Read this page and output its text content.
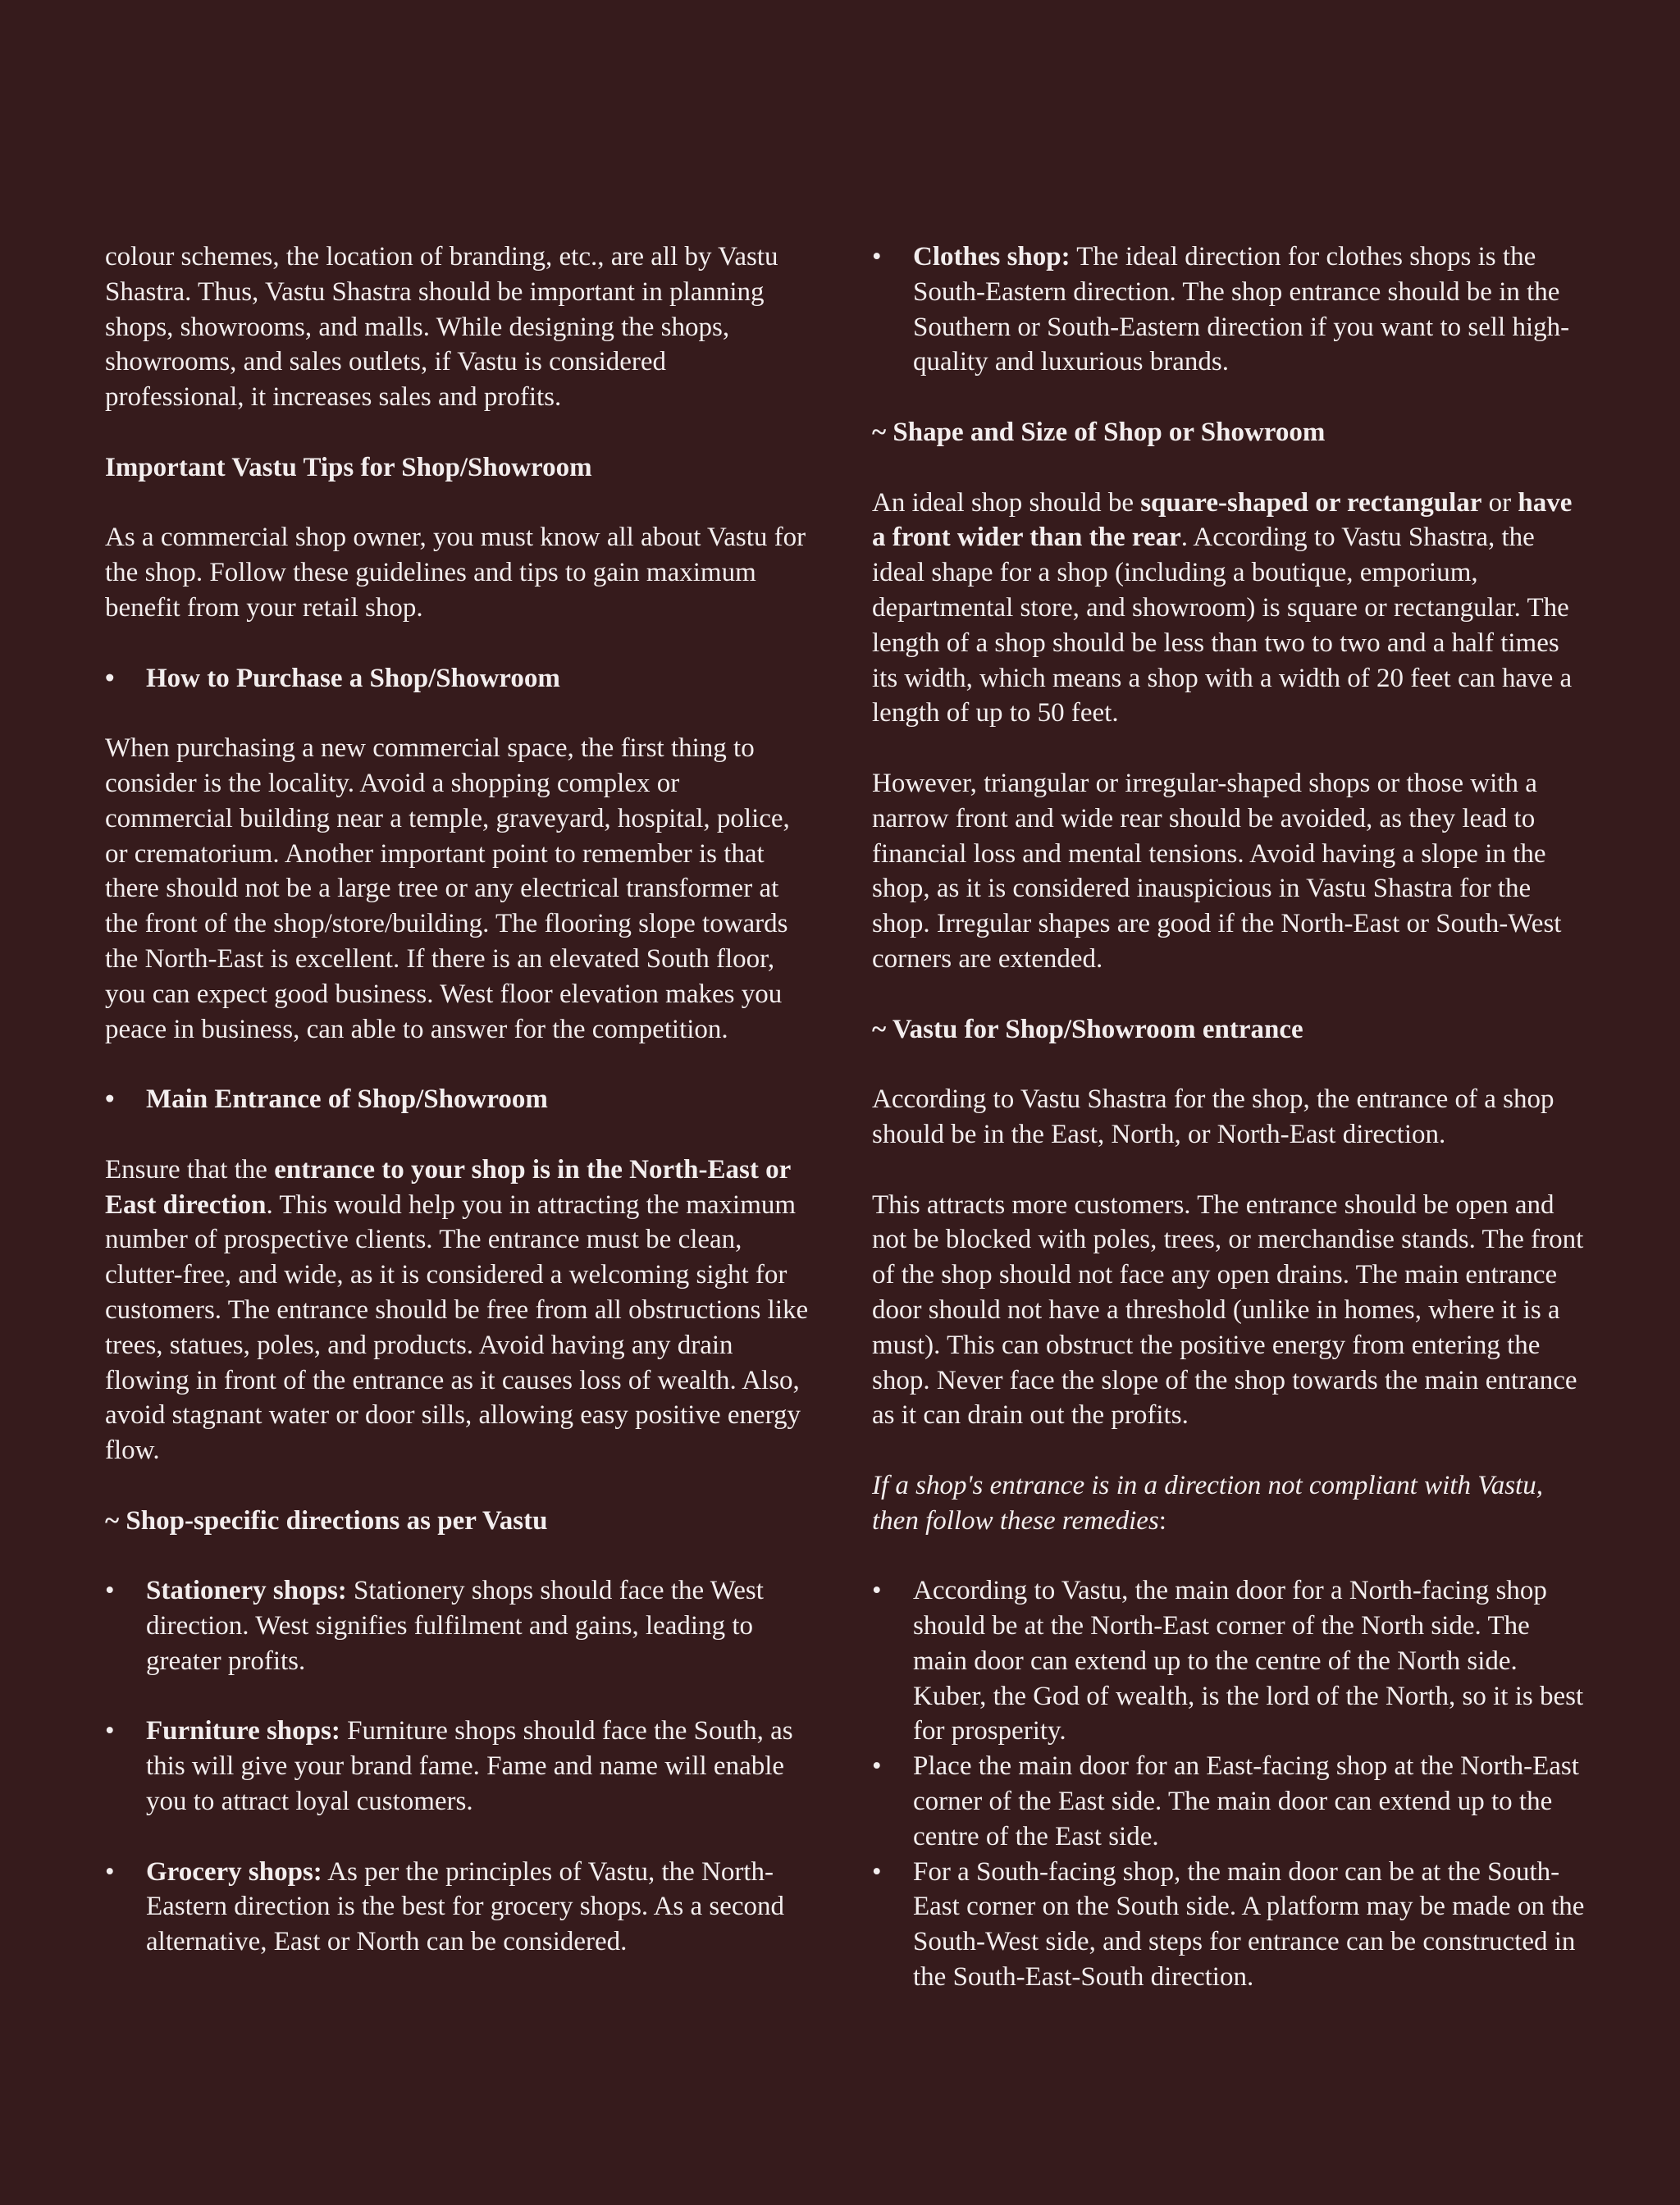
colour schemes, the location of branding, etc., are all by Vastu Shastra. Thus, Vastu Shastra should be important in planning shops, showrooms, and malls. While designing the shops, showrooms, and sales outlets, if Vastu is considered professional, it increases sales and profits.

Important Vastu Tips for Shop/Showroom

As a commercial shop owner, you must know all about Vastu for the shop. Follow these guidelines and tips to gain maximum benefit from your retail shop.

• How to Purchase a Shop/Showroom

When purchasing a new commercial space, the first thing to consider is the locality. Avoid a shopping complex or commercial building near a temple, graveyard, hospital, police, or crematorium. Another important point to remember is that there should not be a large tree or any electrical transformer at the front of the shop/store/building. The flooring slope towards the North-East is excellent. If there is an elevated South floor, you can expect good business. West floor elevation makes you peace in business, can able to answer for the competition.

• Main Entrance of Shop/Showroom

Ensure that the entrance to your shop is in the North-East or East direction. This would help you in attracting the maximum number of prospective clients. The entrance must be clean, clutter-free, and wide, as it is considered a welcoming sight for customers. The entrance should be free from all obstructions like trees, statues, poles, and products. Avoid having any drain flowing in front of the entrance as it causes loss of wealth. Also, avoid stagnant water or door sills, allowing easy positive energy flow.

~ Shop-specific directions as per Vastu
• Stationery shops: Stationery shops should face the West direction. West signifies fulfilment and gains, leading to greater profits.
• Furniture shops: Furniture shops should face the South, as this will give your brand fame. Fame and name will enable you to attract loyal customers.
• Grocery shops: As per the principles of Vastu, the North-Eastern direction is the best for grocery shops. As a second alternative, East or North can be considered.
• Clothes shop: The ideal direction for clothes shops is the South-Eastern direction. The shop entrance should be in the Southern or South-Eastern direction if you want to sell high-quality and luxurious brands.
~ Shape and Size of Shop or Showroom

An ideal shop should be square-shaped or rectangular or have a front wider than the rear. According to Vastu Shastra, the ideal shape for a shop (including a boutique, emporium, departmental store, and showroom) is square or rectangular. The length of a shop should be less than two to two and a half times its width, which means a shop with a width of 20 feet can have a length of up to 50 feet.

However, triangular or irregular-shaped shops or those with a narrow front and wide rear should be avoided, as they lead to financial loss and mental tensions. Avoid having a slope in the shop, as it is considered inauspicious in Vastu Shastra for the shop. Irregular shapes are good if the North-East or South-West corners are extended.

~ Vastu for Shop/Showroom entrance

According to Vastu Shastra for the shop, the entrance of a shop should be in the East, North, or North-East direction.

This attracts more customers. The entrance should be open and not be blocked with poles, trees, or merchandise stands. The front of the shop should not face any open drains. The main entrance door should not have a threshold (unlike in homes, where it is a must). This can obstruct the positive energy from entering the shop. Never face the slope of the shop towards the main entrance as it can drain out the profits.

If a shop's entrance is in a direction not compliant with Vastu, then follow these remedies:

• According to Vastu, the main door for a North-facing shop should be at the North-East corner of the North side. The main door can extend up to the centre of the North side. Kuber, the God of wealth, is the lord of the North, so it is best for prosperity.
• Place the main door for an East-facing shop at the North-East corner of the East side. The main door can extend up to the centre of the East side.
• For a South-facing shop, the main door can be at the South-East corner on the South side. A platform may be made on the South-West side, and steps for entrance can be constructed in the South-East-South direction.
